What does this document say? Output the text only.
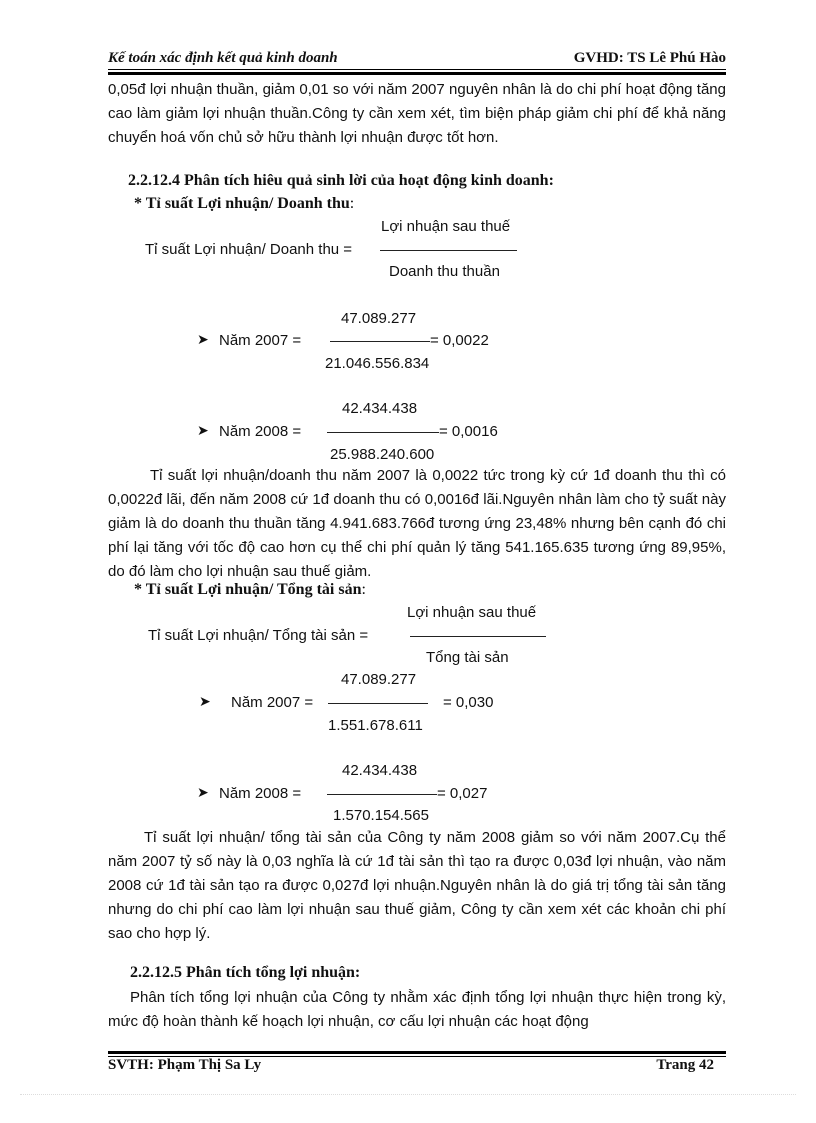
Kế toán xác định kết quả kinh doanh	GVHD: TS Lê Phú Hào
0,05đ lợi nhuận thuần, giảm 0,01 so với năm 2007 nguyên nhân là do chi phí hoạt động tăng cao làm giảm lợi nhuận thuần.Công ty cần xem xét, tìm biện pháp giảm chi phí để khả năng chuyển hoá vốn chủ sở hữu thành lợi nhuận được tốt hơn.
2.2.12.4 Phân tích hiêu quả sinh lời của hoạt động kinh doanh:
* Tỉ suất Lợi nhuận/ Doanh thu:
Lợi nhuận sau thuế
Tỉ suất Lợi nhuận/ Doanh thu =
Doanh thu thuần
47.089.277
➤ Năm 2007 =	= 0,0022
21.046.556.834
42.434.438
➤ Năm 2008 =	= 0,0016
25.988.240.600
Tỉ suất lợi nhuận/doanh thu năm 2007 là 0,0022 tức trong kỳ cứ 1đ doanh thu thì có 0,0022đ lãi, đến năm 2008 cứ 1đ doanh thu có 0,0016đ lãi.Nguyên nhân làm cho tỷ suất này giảm là do doanh thu thuần tăng 4.941.683.766đ tương ứng 23,48% nhưng bên cạnh đó chi phí lại tăng với tốc độ cao hơn cụ thể chi phí quản lý tăng 541.165.635 tương ứng 89,95%, do đó làm cho lợi nhuận sau thuế giảm.
* Tỉ suất Lợi nhuận/ Tổng tài sản:
Lợi nhuận sau thuế
Tỉ suất Lợi nhuận/ Tổng tài sản =
Tổng tài sản
47.089.277
➤ Năm 2007 =	= 0,030
1.551.678.611
42.434.438
➤ Năm 2008 =	= 0,027
1.570.154.565
Tỉ suất lợi nhuận/ tổng tài sản của Công ty năm 2008 giảm so với năm 2007.Cụ thể năm 2007 tỷ số này là 0,03 nghĩa là cứ 1đ tài sản thì tạo ra được 0,03đ lợi nhuận, vào năm 2008 cứ 1đ tài sản tạo ra được 0,027đ lợi nhuận.Nguyên nhân là do giá trị tổng tài sản tăng nhưng do chi phí cao làm lợi nhuận sau thuế giảm, Công ty cần xem xét các khoản chi phí sao cho hợp lý.
2.2.12.5 Phân tích tổng lợi nhuận:
Phân tích tổng lợi nhuận của Công ty nhằm xác định tổng lợi nhuận thực hiện trong kỳ, mức độ hoàn thành kế hoạch lợi nhuận, cơ cấu lợi nhuận các hoạt động
SVTH: Phạm Thị Sa Ly	Trang 42
